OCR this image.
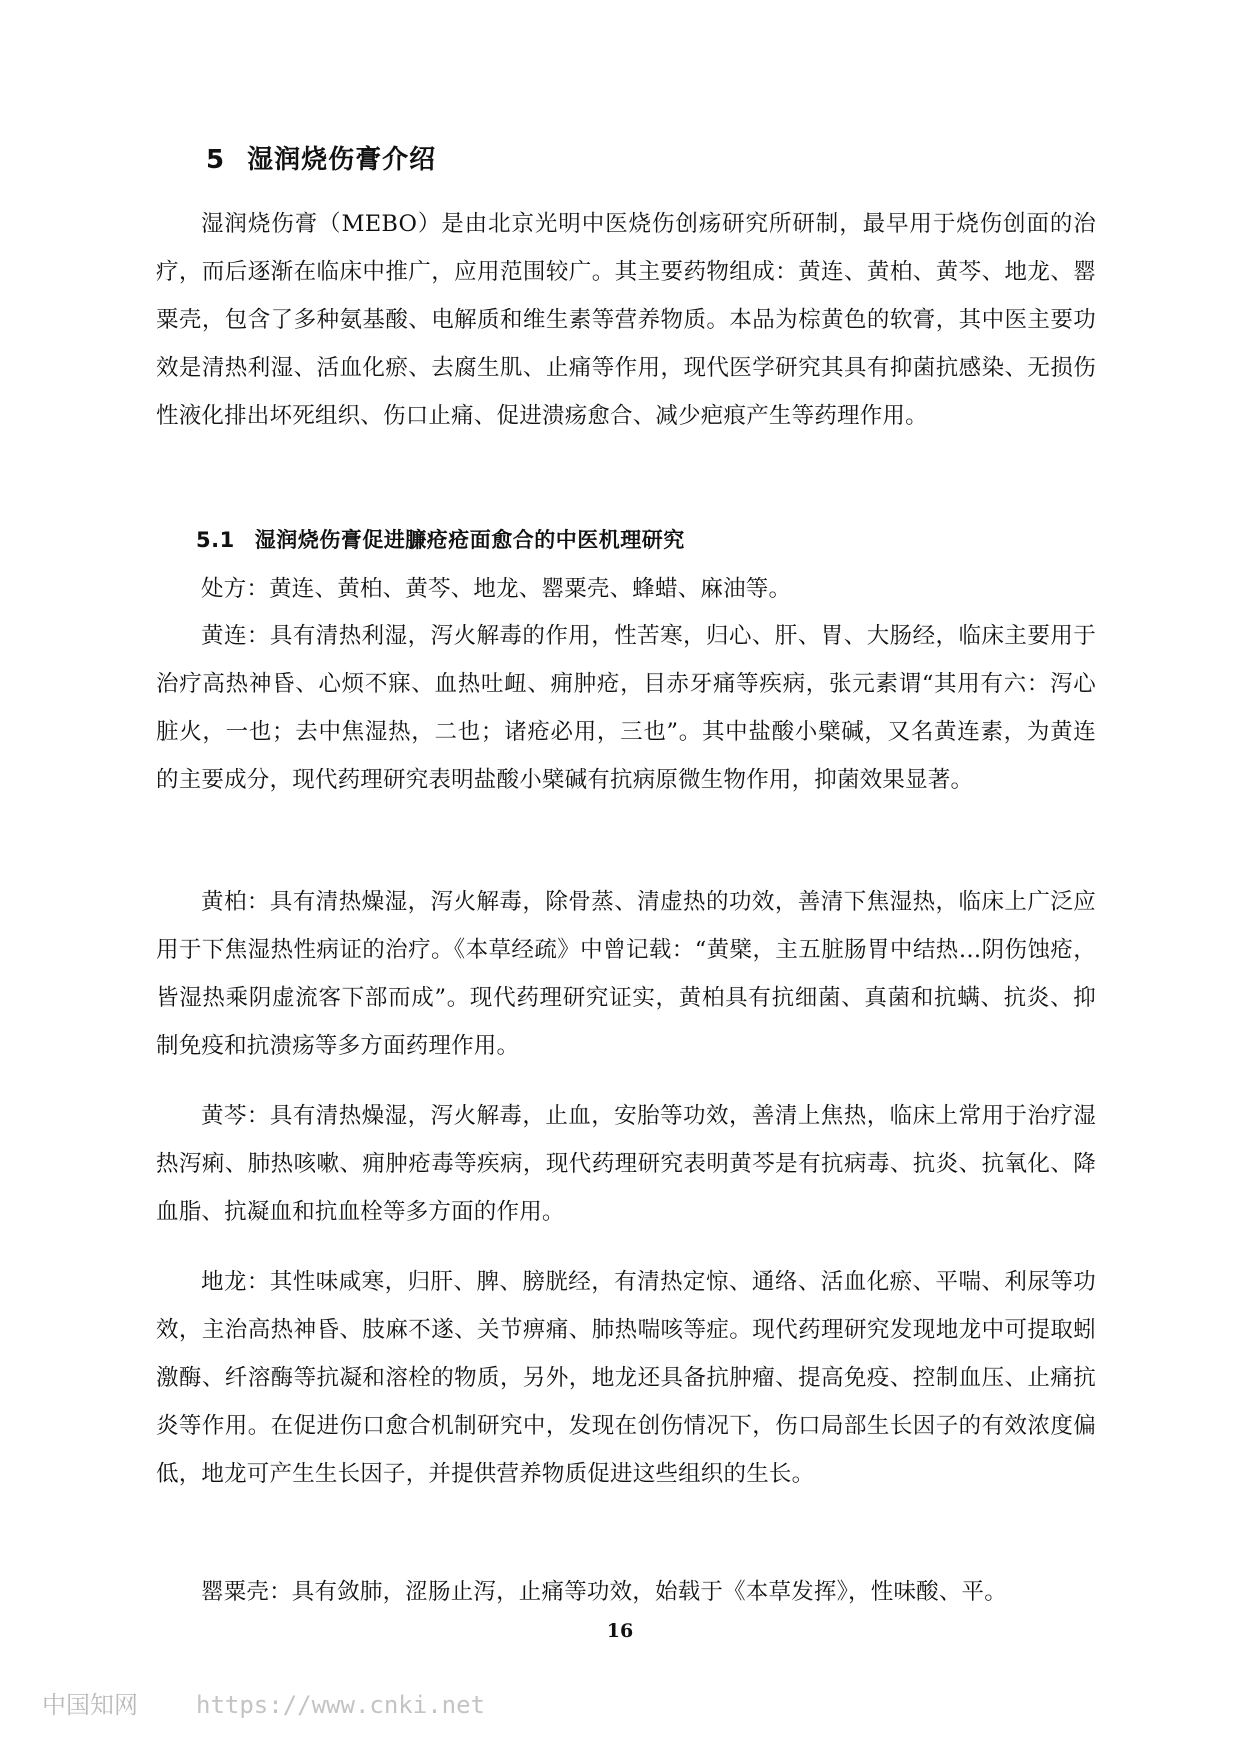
5 湿润烧伤膏介绍

湿润烧伤膏（MEBO）是由北京光明中医烧伤创疡研究所研制，最早用于烧伤创面的治疗，而后逐渐在临床中推广，应用范围较广。其主要药物组成：黄连、黄柏、黄芩、地龙、罂粟壳，包含了多种氨基酸、电解质和维生素等营养物质。本品为棕黄色的软膏，其中医主要功效是清热利湿、活血化瘀、去腐生肌、止痛等作用，现代医学研究其具有抑菌抗感染、无损伤性液化排出坏死组织、伤口止痛、促进溃疡愈合、减少疤痕产生等药理作用。

5.1 湿润烧伤膏促进臁疮疮面愈合的中医机理研究

处方：黄连、黄柏、黄芩、地龙、罂粟壳、蜂蜡、麻油等。

黄连：具有清热利湿，泻火解毒的作用，性苦寒，归心、肝、胃、大肠经，临床主要用于治疗高热神昏、心烦不寐、血热吐衄、痈肿疮，目赤牙痛等疾病，张元素谓“其用有六：泻心脏火，一也；去中焦湿热，二也；诸疮必用，三也”。其中盐酸小檗碱，又名黄连素，为黄连的主要成分，现代药理研究表明盐酸小檗碱有抗病原微生物作用，抑菌效果显著。

黄柏：具有清热燥湿，泻火解毒，除骨蒸、清虚热的功效，善清下焦湿热，临床上广泛应用于下焦湿热性病证的治疗。《本草经疏》中曾记载：“黄檗，主五脏肠胃中结热…阴伤蚀疮，皆湿热乘阴虚流客下部而成”。现代药理研究证实，黄柏具有抗细菌、真菌和抗螨、抗炎、抑制免疫和抗溃疡等多方面药理作用。

黄芩：具有清热燥湿，泻火解毒，止血，安胎等功效，善清上焦热，临床上常用于治疗湿热泻痢、肺热咳嗽、痈肿疮毒等疾病，现代药理研究表明黄芩是有抗病毒、抗炎、抗氧化、降血脂、抗凝血和抗血栓等多方面的作用。

地龙：其性味咸寒，归肝、脾、膀胱经，有清热定惊、通络、活血化瘀、平喘、利尿等功效，主治高热神昏、肢麻不遂、关节痹痛、肺热喘咳等症。现代药理研究发现地龙中可提取蚓激酶、纤溶酶等抗凝和溶栓的物质，另外，地龙还具备抗肿瘤、提高免疫、控制血压、止痛抗炎等作用。在促进伤口愈合机制研究中，发现在创伤情况下，伤口局部生长因子的有效浓度偏低，地龙可产生生长因子，并提供营养物质促进这些组织的生长。

罂粟壳：具有敛肺，涩肠止泻，止痛等功效，始载于《本草发挥》，性味酸、平。

16
中国知网 https://www.cnki.net
